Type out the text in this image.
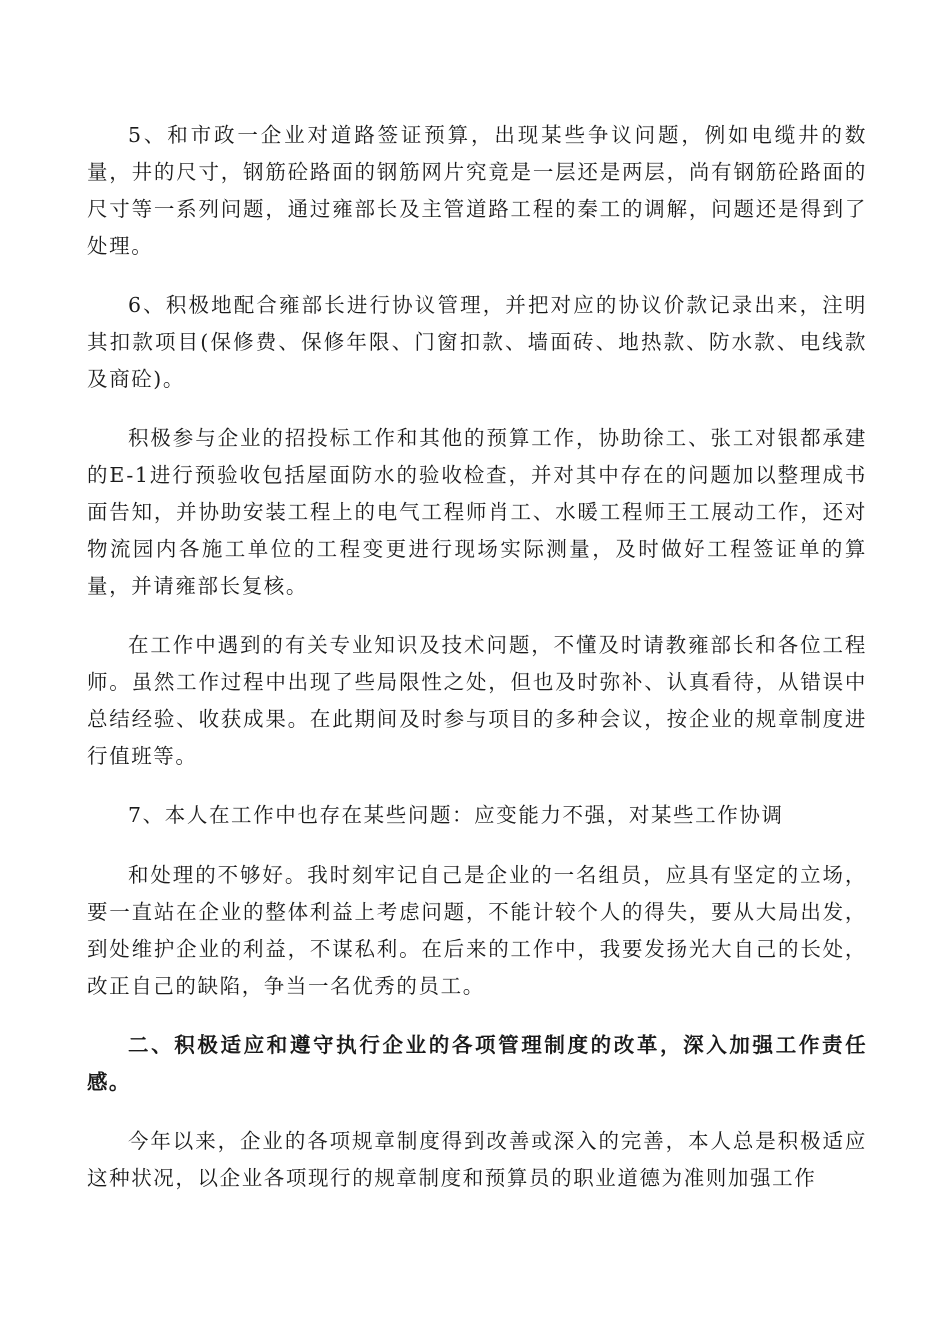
5、和市政一企业对道路签证预算，出现某些争议问题，例如电缆井的数量，井的尺寸，钢筋砼路面的钢筋网片究竟是一层还是两层，尚有钢筋砼路面的尺寸等一系列问题，通过雍部长及主管道路工程的秦工的调解，问题还是得到了处理。

6、积极地配合雍部长进行协议管理，并把对应的协议价款记录出来，注明其扣款项目(保修费、保修年限、门窗扣款、墙面砖、地热款、防水款、电线款及商砼)。

积极参与企业的招投标工作和其他的预算工作，协助徐工、张工对银都承建的E-1进行预验收包括屋面防水的验收检查，并对其中存在的问题加以整理成书面告知，并协助安装工程上的电气工程师肖工、水暖工程师王工展动工作，还对物流园内各施工单位的工程变更进行现场实际测量，及时做好工程签证单的算量，并请雍部长复核。

在工作中遇到的有关专业知识及技术问题，不懂及时请教雍部长和各位工程师。虽然工作过程中出现了些局限性之处，但也及时弥补、认真看待，从错误中总结经验、收获成果。在此期间及时参与项目的多种会议，按企业的规章制度进行值班等。

7、本人在工作中也存在某些问题：应变能力不强，对某些工作协调

和处理的不够好。我时刻牢记自己是企业的一名组员，应具有坚定的立场，要一直站在企业的整体利益上考虑问题，不能计较个人的得失，要从大局出发，到处维护企业的利益，不谋私利。在后来的工作中，我要发扬光大自己的长处，改正自己的缺陷，争当一名优秀的员工。

二、积极适应和遵守执行企业的各项管理制度的改革，深入加强工作责任感。

今年以来，企业的各项规章制度得到改善或深入的完善，本人总是积极适应这种状况，以企业各项现行的规章制度和预算员的职业道德为准则加强工作
